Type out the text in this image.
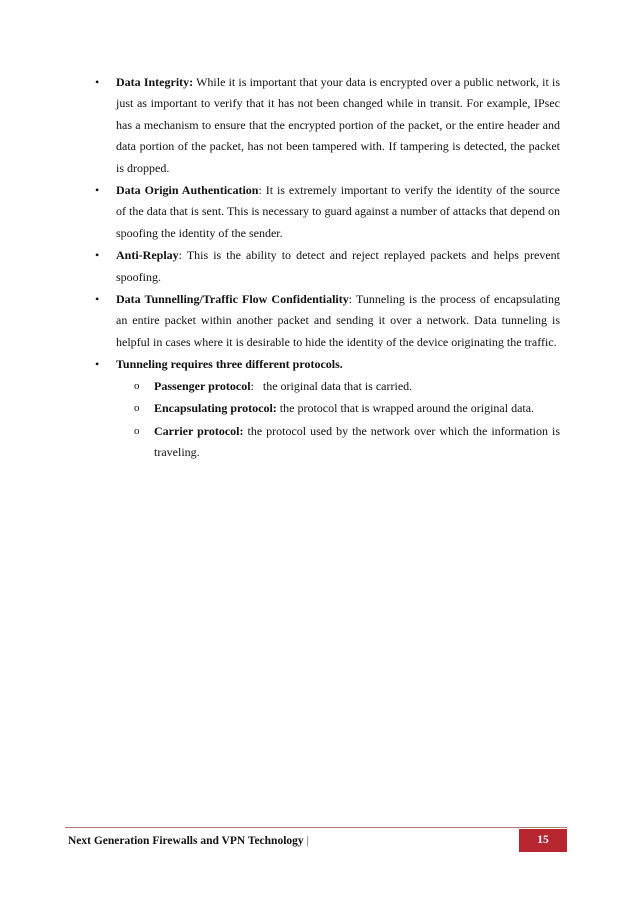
• Data Integrity: While it is important that your data is encrypted over a public network, it is just as important to verify that it has not been changed while in transit. For example, IPsec has a mechanism to ensure that the encrypted portion of the packet, or the entire header and data portion of the packet, has not been tampered with. If tampering is detected, the packet is dropped.
• Data Origin Authentication: It is extremely important to verify the identity of the source of the data that is sent. This is necessary to guard against a number of attacks that depend on spoofing the identity of the sender.
• Anti-Replay: This is the ability to detect and reject replayed packets and helps prevent spoofing.
• Data Tunnelling/Traffic Flow Confidentiality: Tunneling is the process of encapsulating an entire packet within another packet and sending it over a network. Data tunneling is helpful in cases where it is desirable to hide the identity of the device originating the traffic.
• Tunneling requires three different protocols.
o Passenger protocol:   the original data that is carried.
o Encapsulating protocol: the protocol that is wrapped around the original data.
o Carrier protocol: the protocol used by the network over which the information is traveling.
Next Generation Firewalls and VPN Technology |	15
